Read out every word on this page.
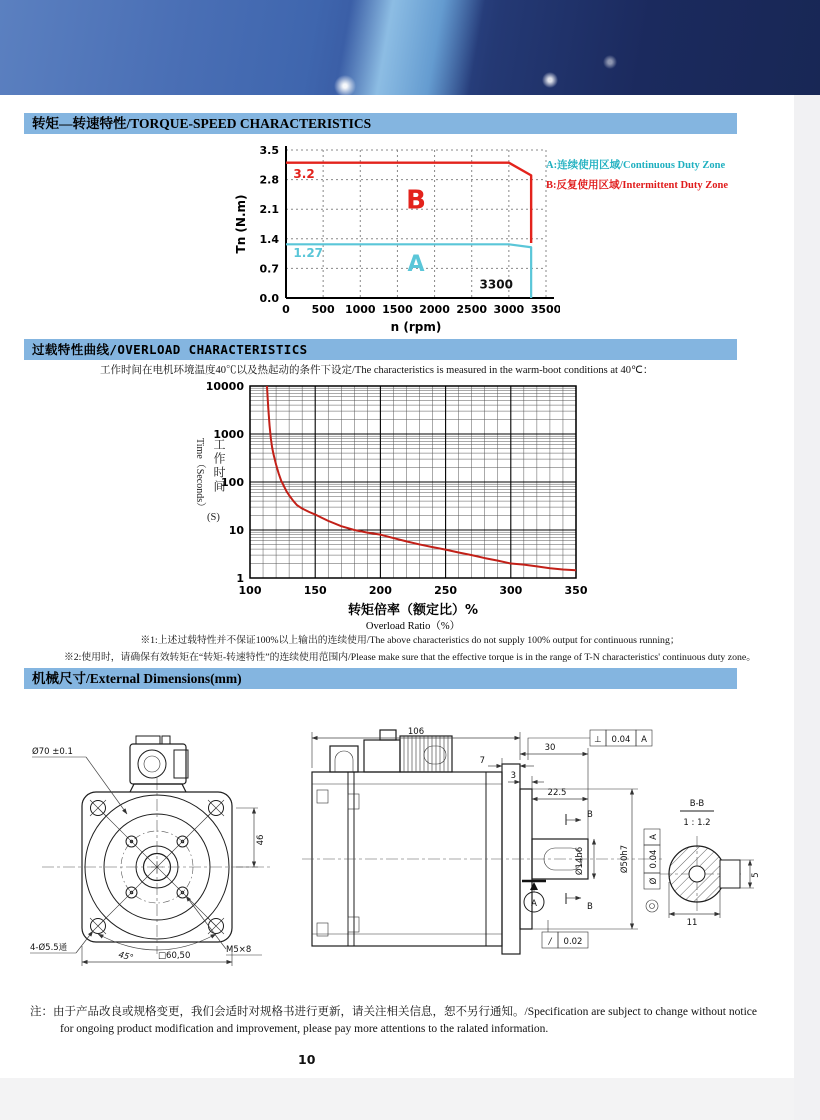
转矩—转速特性/TORQUE-SPEED CHARACTERISTICS
0.0
0.7
1.4
2.1
2.8
3.5
0 500 1000 1500 2000 2500 3000 3500
3.2
1.27
B
A
3300
Tn (N.m)
n (rpm)
A:连续使用区域/Continuous Duty Zone
B:反复使用区域/Intermittent Duty Zone
过载特性曲线/OVERLOAD CHARACTERISTICS
工作时间在电机环境温度40℃以及热起动的条件下设定/The characteristics is measured in the warm-boot conditions at 40℃：
Time（Seconds） 工作时间
(S)
1
10
100
1000
10000
100	150	200	250	300	350
转矩倍率（额定比）%
Overload Ratio（%）
※1:上述过载特性并不保证100%以上输出的连续使用/The above characteristics do not supply 100% output for continuous running；
※2:使用时，请确保有效转矩在“转矩-转速特性”的连续使用范围内/Please make sure that the effective torque is in the range of T-N characteristics' continuous duty zone。
机械尺寸/External Dimensions(mm)
46
□60,50
Ø70 ±0.1
4-Ø5.5通
45°
M5×8
A
106
⊥ 0.04 A
7
3
30
22.5
B
B
Ø14h6	Ø50h7
Ø
0.04
A
/ 0.02
B-B
1 : 1.2
5
11
注：由于产品改良或规格变更，我们会适时对规格书进行更新，请关注相关信息，恕不另行通知。/Specification are subject to change without notice
for ongoing product modification and improvement, please pay more attentions to the ralated information.
10
